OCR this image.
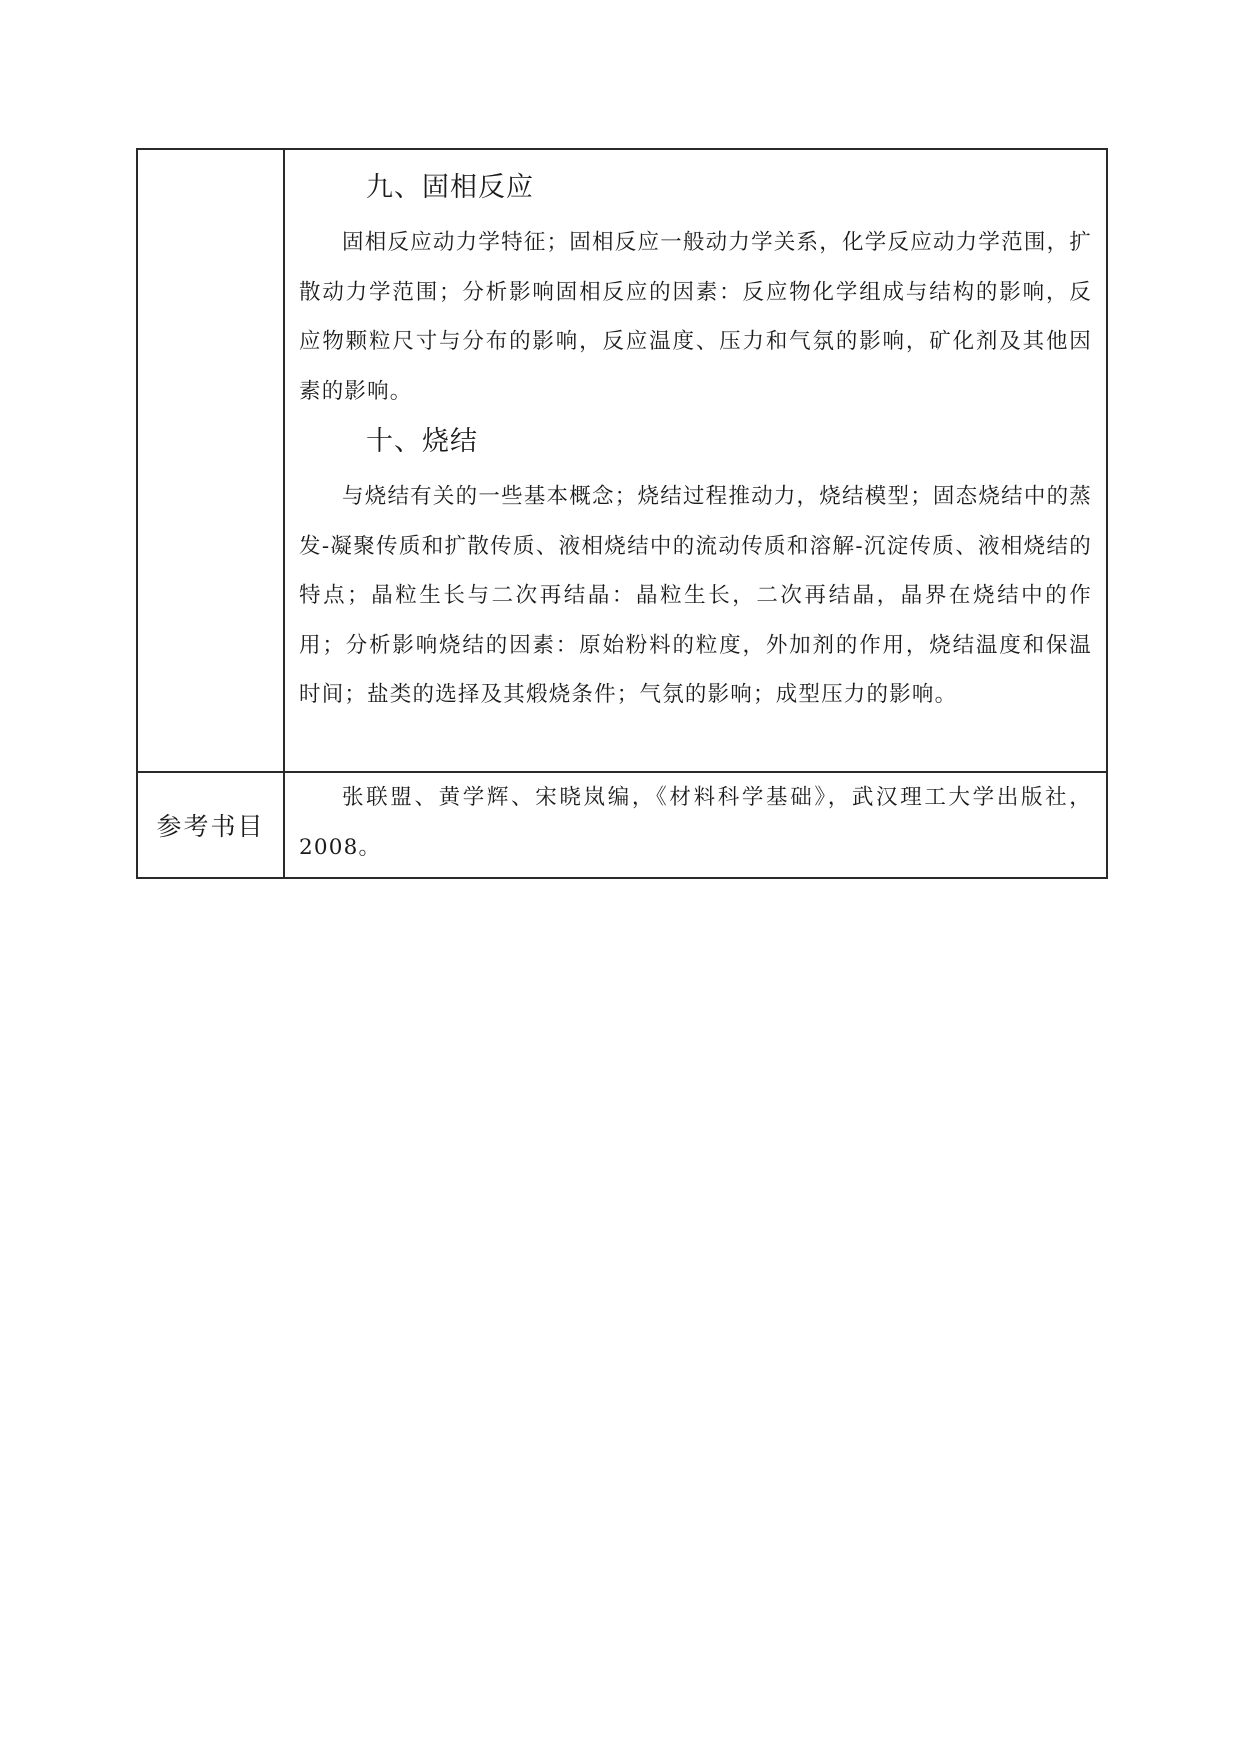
	九、固相反应

固相反应动力学特征；固相反应一般动力学关系，化学反应动力学范围，扩散动力学范围；分析影响固相反应的因素：反应物化学组成与结构的影响，反应物颗粒尺寸与分布的影响，反应温度、压力和气氛的影响，矿化剂及其他因素的影响。

十、烧结

与烧结有关的一些基本概念；烧结过程推动力，烧结模型；固态烧结中的蒸发-凝聚传质和扩散传质、液相烧结中的流动传质和溶解-沉淀传质、液相烧结的特点；晶粒生长与二次再结晶：晶粒生长，二次再结晶，晶界在烧结中的作用；分析影响烧结的因素：原始粉料的粒度，外加剂的作用，烧结温度和保温时间；盐类的选择及其煅烧条件；气氛的影响；成型压力的影响。

参考书目	张联盟、黄学辉、宋晓岚编，《材料科学基础》，武汉理工大学出版社，2008。
